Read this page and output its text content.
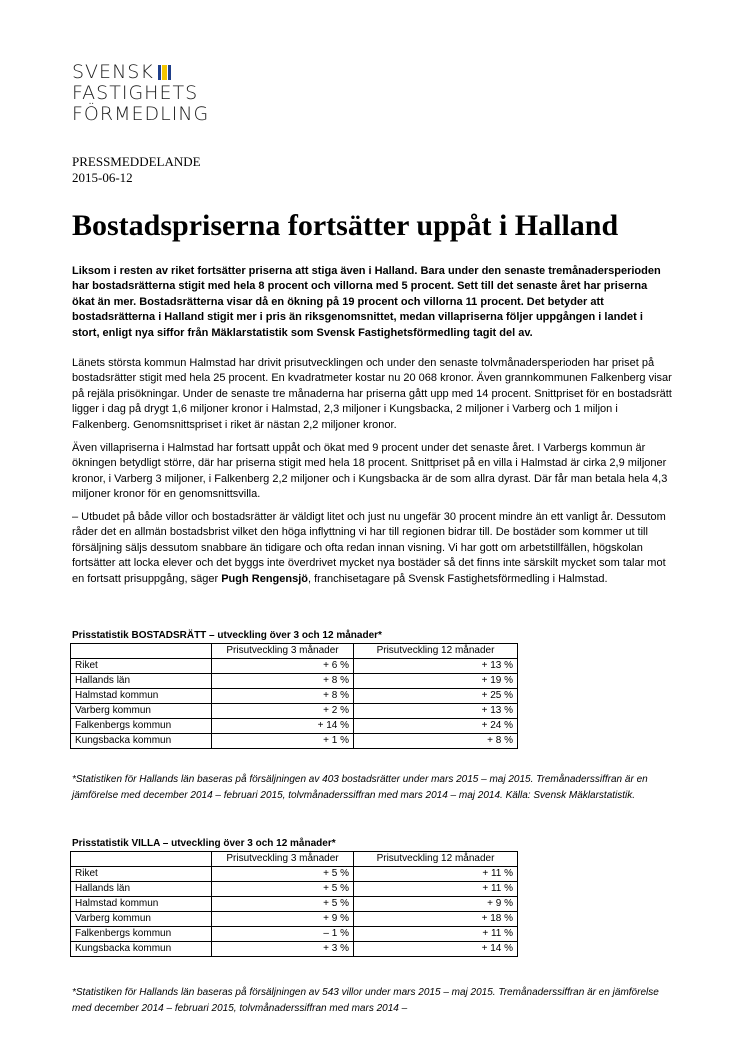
SVENSK
FASTIGHETS
FÖRMEDLING
PRESSMEDDELANDE
2015-06-12
Bostadspriserna fortsätter uppåt i Halland

Liksom i resten av riket fortsätter priserna att stiga även i Halland. Bara under den senaste tremånadersperioden har bostadsrätterna stigit med hela 8 procent och villorna med 5 procent. Sett till det senaste året har priserna ökat än mer. Bostadsrätterna visar då en ökning på 19 procent och villorna 11 procent. Det betyder att bostadsrätterna i Halland stigit mer i pris än riksgenomsnittet, medan villapriserna följer uppgången i landet i stort, enligt nya siffor från Mäklarstatistik som Svensk Fastighetsförmedling tagit del av.

Länets största kommun Halmstad har drivit prisutvecklingen och under den senaste tolvmånadersperioden har priset på bostadsrätter stigit med hela 25 procent. En kvadratmeter kostar nu 20 068 kronor. Även grannkommunen Falkenberg visar på rejäla prisökningar. Under de senaste tre månaderna har priserna gått upp med 14 procent. Snittpriset för en bostadsrätt ligger i dag på drygt 1,6 miljoner kronor i Halmstad, 2,3 miljoner i Kungsbacka, 2 miljoner i Varberg och 1 miljon i Falkenberg. Genomsnittspriset i riket är nästan 2,2 miljoner kronor.

Även villapriserna i Halmstad har fortsatt uppåt och ökat med 9 procent under det senaste året. I Varbergs kommun är ökningen betydligt större, där har priserna stigit med hela 18 procent. Snittpriset på en villa i Halmstad är cirka 2,9 miljoner kronor, i Varberg 3 miljoner, i Falkenberg 2,2 miljoner och i Kungsbacka är de som allra dyrast. Där får man betala hela 4,3 miljoner kronor för en genomsnittsvilla.

– Utbudet på både villor och bostadsrätter är väldigt litet och just nu ungefär 30 procent mindre än ett vanligt år. Dessutom råder det en allmän bostadsbrist vilket den höga inflyttning vi har till regionen bidrar till. De bostäder som kommer ut till försäljning säljs dessutom snabbare än tidigare och ofta redan innan visning. Vi har gott om arbetstillfällen, högskolan fortsätter att locka elever och det byggs inte överdrivet mycket nya bostäder så det finns inte särskilt mycket som talar mot en fortsatt prisuppgång, säger Pugh Rengensjö, franchisetagare på Svensk Fastighetsförmedling i Halmstad.

Prisstatistik BOSTADSRÄTT – utveckling över 3 och 12 månader*
	Prisutveckling 3 månader	Prisutveckling 12 månader
Riket	+ 6 %	+ 13 %
Hallands län	+ 8 %	+ 19 %
Halmstad kommun	+ 8 %	+ 25 %
Varberg kommun	+ 2 %	+ 13 %
Falkenbergs kommun	+ 14 %	+ 24 %
Kungsbacka kommun	+ 1 %	+ 8 %

*Statistiken för Hallands län baseras på försäljningen av 403 bostadsrätter under mars 2015 – maj 2015. Tremånaderssiffran är en jämförelse med december 2014 – februari 2015, tolvmånaderssiffran med mars 2014 – maj 2014. Källa: Svensk Mäklarstatistik.

Prisstatistik VILLA – utveckling över 3 och 12 månader*
	Prisutveckling 3 månader	Prisutveckling 12 månader
Riket	+ 5 %	+ 11 %
Hallands län	+ 5 %	+ 11 %
Halmstad kommun	+ 5 %	+ 9 %
Varberg kommun	+ 9 %	+ 18 %
Falkenbergs kommun	– 1 %	+ 11 %
Kungsbacka kommun	+ 3 %	+ 14 %

*Statistiken för Hallands län baseras på försäljningen av 543 villor under mars 2015 – maj 2015. Tremånaderssiffran är en jämförelse med december 2014 – februari 2015, tolvmånaderssiffran med mars 2014 –
